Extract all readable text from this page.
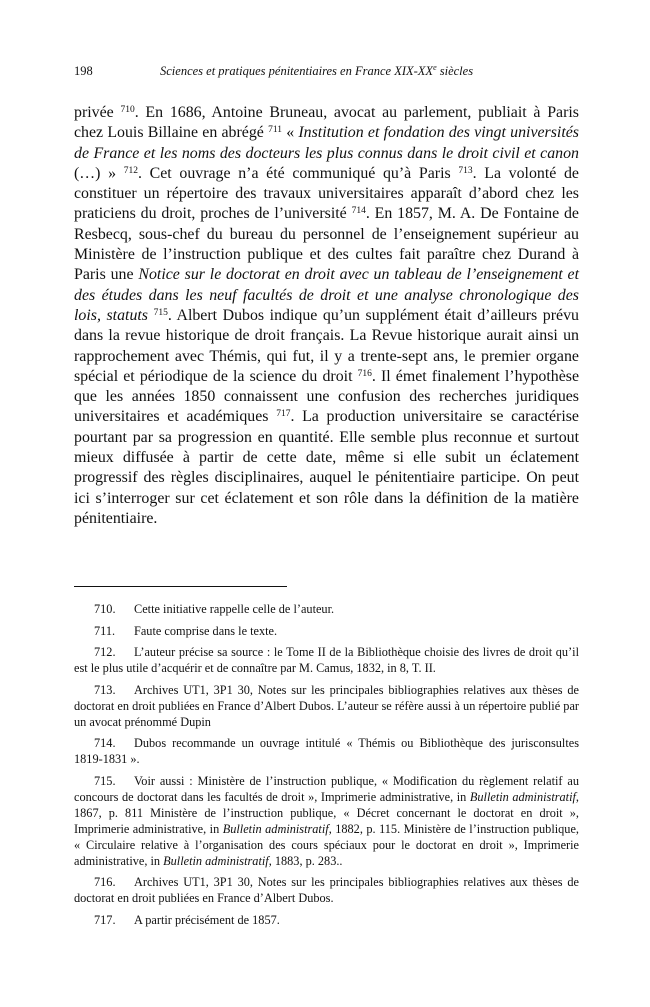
198	Sciences et pratiques pénitentiaires en France XIX-XXe siècles

privée $^{710}$. En 1686, Antoine Bruneau, avocat au parlement, publiait à Paris chez Louis Billaine en abrégé $^{711}$ « Institution et fondation des vingt universités de France et les noms des docteurs les plus connus dans le droit civil et canon (…) » $^{712}$. Cet ouvrage n’a été communiqué qu’à Paris $^{713}$. La volonté de constituer un répertoire des travaux universitaires apparaît d’abord chez les praticiens du droit, proches de l’université $^{714}$. En 1857, M. A. De Fontaine de Resbecq, sous-chef du bureau du personnel de l’enseignement supérieur au Ministère de l’instruction publique et des cultes fait paraître chez Durand à Paris une Notice sur le doctorat en droit avec un tableau de l’enseignement et des études dans les neuf facultés de droit et une analyse chronologique des lois, statuts $^{715}$. Albert Dubos indique qu’un supplément était d’ailleurs prévu dans la revue historique de droit français. La Revue historique aurait ainsi un rapprochement avec Thémis, qui fut, il y a trente-sept ans, le premier organe spécial et périodique de la science du droit $^{716}$. Il émet finalement l’hypothèse que les années 1850 connaissent une confusion des recherches juridiques universitaires et académiques $^{717}$. La production universitaire se caractérise pourtant par sa progression en quantité. Elle semble plus reconnue et surtout mieux diffusée à partir de cette date, même si elle subit un éclatement progressif des règles disciplinaires, auquel le pénitentiaire participe. On peut ici s’interroger sur cet éclatement et son rôle dans la définition de la matière pénitentiaire.

710. Cette initiative rappelle celle de l’auteur.

711. Faute comprise dans le texte.

712. L’auteur précise sa source : le Tome II de la Bibliothèque choisie des livres de droit qu’il est le plus utile d’acquérir et de connaître par M. Camus, 1832, in 8, T. II.

713. Archives UT1, 3P1 30, Notes sur les principales bibliographies relatives aux thèses de doctorat en droit publiées en France d’Albert Dubos. L’auteur se réfère aussi à un répertoire publié par un avocat prénommé Dupin

714. Dubos recommande un ouvrage intitulé « Thémis ou Bibliothèque des jurisconsultes 1819-1831 ».

715. Voir aussi : Ministère de l’instruction publique, « Modification du règlement relatif au concours de doctorat dans les facultés de droit », Imprimerie administrative, in Bulletin administratif, 1867, p. 811 Ministère de l’instruction publique, « Décret concernant le doctorat en droit », Imprimerie administrative, in Bulletin administratif, 1882, p. 115. Ministère de l’instruction publique, « Circulaire relative à l’organisation des cours spéciaux pour le doctorat en droit », Imprimerie administrative, in Bulletin administratif, 1883, p. 283..

716. Archives UT1, 3P1 30, Notes sur les principales bibliographies relatives aux thèses de doctorat en droit publiées en France d’Albert Dubos.

717. A partir précisément de 1857.
